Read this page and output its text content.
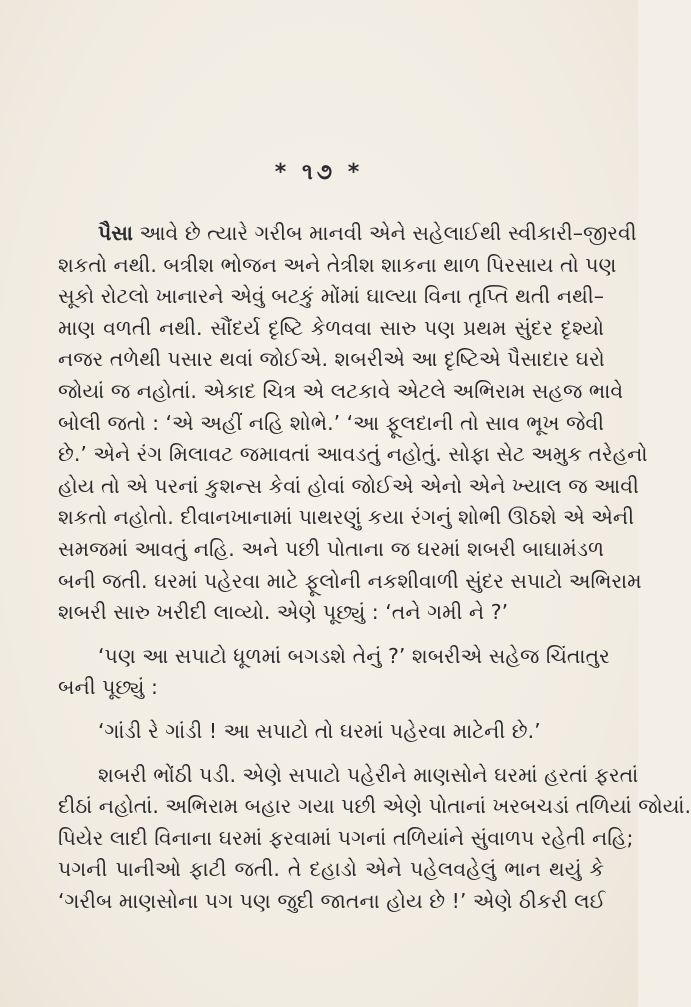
* ૧૭ *
પૈસા આવે છે ત્યારે ગરીબ માનવી એને સહેલાઈથી સ્વીકારી–જીરવી
શકતો નથી. બત્રીશ ભોજન અને તેત્રીશ શાકના થાળ પિરસાય તો પણ
સૂકો રોટલો ખાનારને એવું બટકું મોંમાં ઘાલ્યા વિના તૃપ્તિ થતી નથી–
માણ વળતી નથી. સૌંદર્ય દૃષ્ટિ કેળવવા સારુ પણ પ્રથમ સુંદર દૃશ્યો
નજર તળેથી પસાર થવાં જોઈએ. શબરીએ આ દૃષ્ટિએ પૈસાદાર ઘરો
જોયાં જ નહોતાં. એકાદ ચિત્ર એ લટકાવે એટલે અભિરામ સહજ ભાવે
બોલી જતો : ‘એ અહીં નહિ શોભે.’ ‘આ ફૂલદાની તો સાવ ભૂખ જેવી
છે.’ એને રંગ મિલાવટ જમાવતાં આવડતું નહોતું. સોફા સેટ અમુક તરેહનો
હોય તો એ પરનાં કુશન્સ કેવાં હોવાં જોઈએ એનો એને ખ્યાલ જ આવી
શકતો નહોતો. દીવાનખાનામાં પાથરણું કયા રંગનું શોભી ઊઠશે એ એની
સમજમાં આવતું નહિ. અને પછી પોતાના જ ઘરમાં શબરી બાઘામંડળ
બની જતી. ઘરમાં પહેરવા માટે ફૂલોની નકશીવાળી સુંદર સપાટો અભિરામ
શબરી સારુ ખરીદી લાવ્યો. એણે પૂછ્યું : ‘તને ગમી ને ?’
‘પણ આ સપાટો ધૂળમાં બગડશે તેનું ?’ શબરીએ સહેજ ચિંતાતુર
બની પૂછ્યું :
‘ગાંડી રે ગાંડી ! આ સપાટો તો ઘરમાં પહેરવા માટેની છે.’
શબરી ભોંઠી પડી. એણે સપાટો પહેરીને માણસોને ઘરમાં હરતાં ફરતાં
દીઠાં નહોતાં. અભિરામ બહાર ગયા પછી એણે પોતાનાં ખરબચડાં તળિયાં જોયાં.
પિયેર લાદી વિનાના ઘરમાં ફરવામાં પગનાં તળિયાંને સુંવાળપ રહેતી નહિ;
પગની પાનીઓ ફાટી જતી. તે દહાડો એને પહેલવહેલું ભાન થયું કે
‘ગરીબ માણસોના પગ પણ જુદી જાતના હોય છે !’ એણે ઠીકરી લઈ
